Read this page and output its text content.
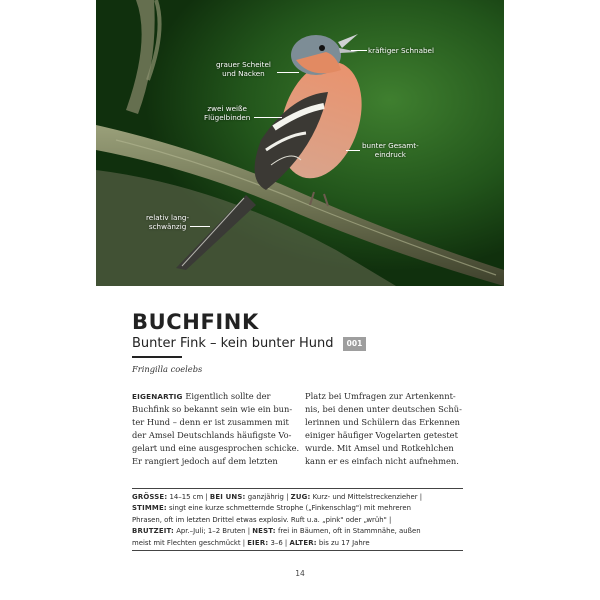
grauer Scheitel
und Nacken
kräftiger Schnabel
zwei weiße
Flügelbinden
bunter Gesamt-
eindruck
relativ lang-
schwänzig
BUCHFINK
Bunter Fink – kein bunter Hund	001
Fringilla coelebs
EIGENARTIG Eigentlich sollte der
Buchfink so bekannt sein wie ein bun-
ter Hund – denn er ist zusammen mit
der Amsel Deutschlands häufigste Vo-
gelart und eine ausgesprochen schicke.
Er rangiert jedoch auf dem letzten
Platz bei Umfragen zur Artenkennt-
nis, bei denen unter deutschen Schü-
lerinnen und Schülern das Erkennen
einiger häufiger Vogelarten getestet
wurde. Mit Amsel und Rotkehlchen
kann er es einfach nicht aufnehmen.
GRÖSSE: 14–15 cm | BEI UNS: ganzjährig | ZUG: Kurz- und Mittelstreckenzieher |
STIMME: singt eine kurze schmetternde Strophe („Finkenschlag") mit mehreren
Phrasen, oft im letzten Drittel etwas explosiv. Ruft u.a. „pink" oder „wrüh" |
BRUTZEIT: Apr.–Juli; 1–2 Bruten | NEST: frei in Bäumen, oft in Stammnähe, außen
meist mit Flechten geschmückt | EIER: 3–6 | ALTER: bis zu 17 Jahre
14
